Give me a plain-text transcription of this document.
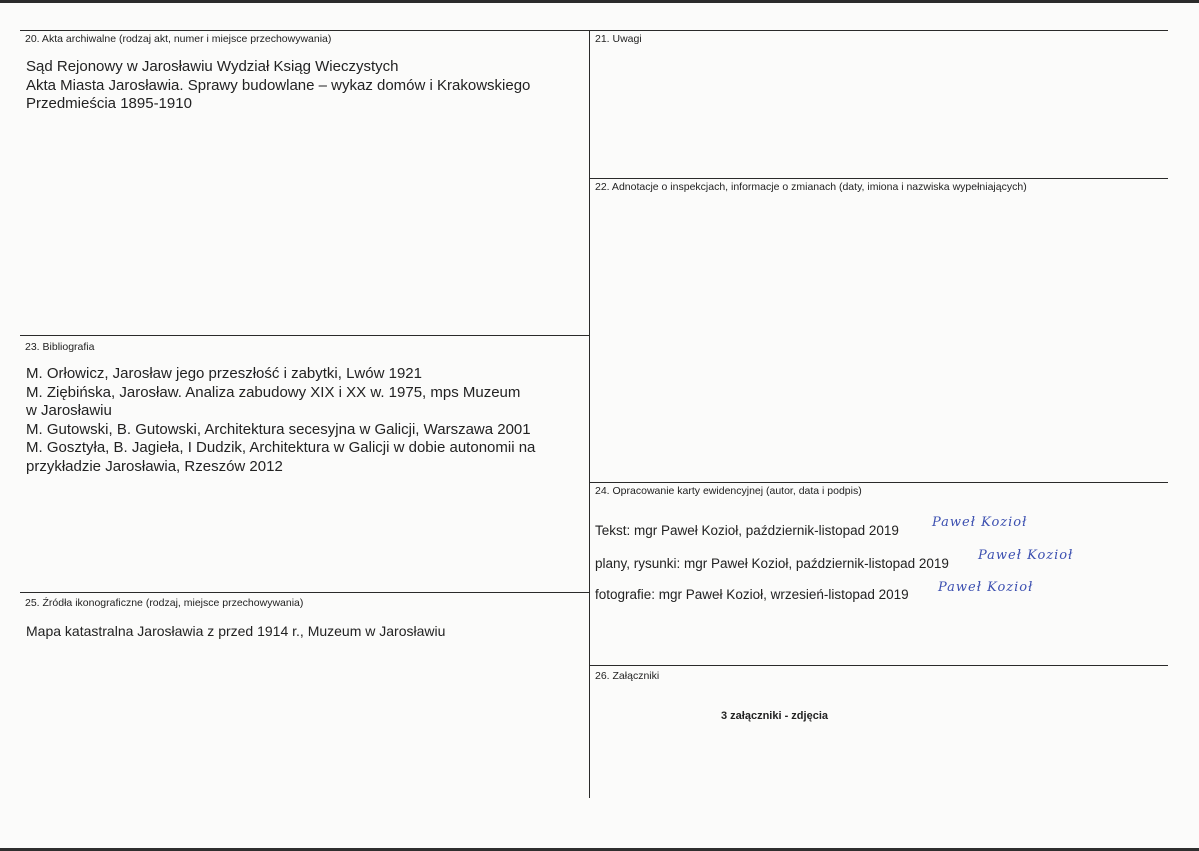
20. Akta archiwalne (rodzaj akt, numer i miejsce przechowywania)
Sąd Rejonowy w Jarosławiu Wydział Ksiąg Wieczystych
Akta Miasta Jarosławia. Sprawy budowlane – wykaz domów i Krakowskiego
Przedmieścia 1895-1910
21. Uwagi
22. Adnotacje o inspekcjach, informacje o zmianach (daty, imiona i nazwiska wypełniających)
23. Bibliografia
M. Orłowicz, Jarosław jego przeszłość i zabytki, Lwów 1921
M. Ziębińska, Jarosław. Analiza zabudowy XIX i XX w. 1975, mps Muzeum
w Jarosławiu
M. Gutowski, B. Gutowski, Architektura secesyjna w Galicji, Warszawa 2001
M. Gosztyła, B. Jagieła, I Dudzik, Architektura w Galicji w dobie autonomii na
przykładzie Jarosławia, Rzeszów 2012
24. Opracowanie karty ewidencyjnej (autor, data i podpis)
Tekst: mgr Paweł Kozioł, październik-listopad 2019
Paweł Kozioł
plany, rysunki: mgr Paweł Kozioł, październik-listopad 2019
Paweł Kozioł
fotografie: mgr Paweł Kozioł, wrzesień-listopad 2019 Paweł Kozioł
25. Źródła ikonograficzne (rodzaj, miejsce przechowywania)
Mapa katastralna Jarosławia z przed 1914 r., Muzeum w Jarosławiu
26. Załączniki
3 załączniki - zdjęcia
